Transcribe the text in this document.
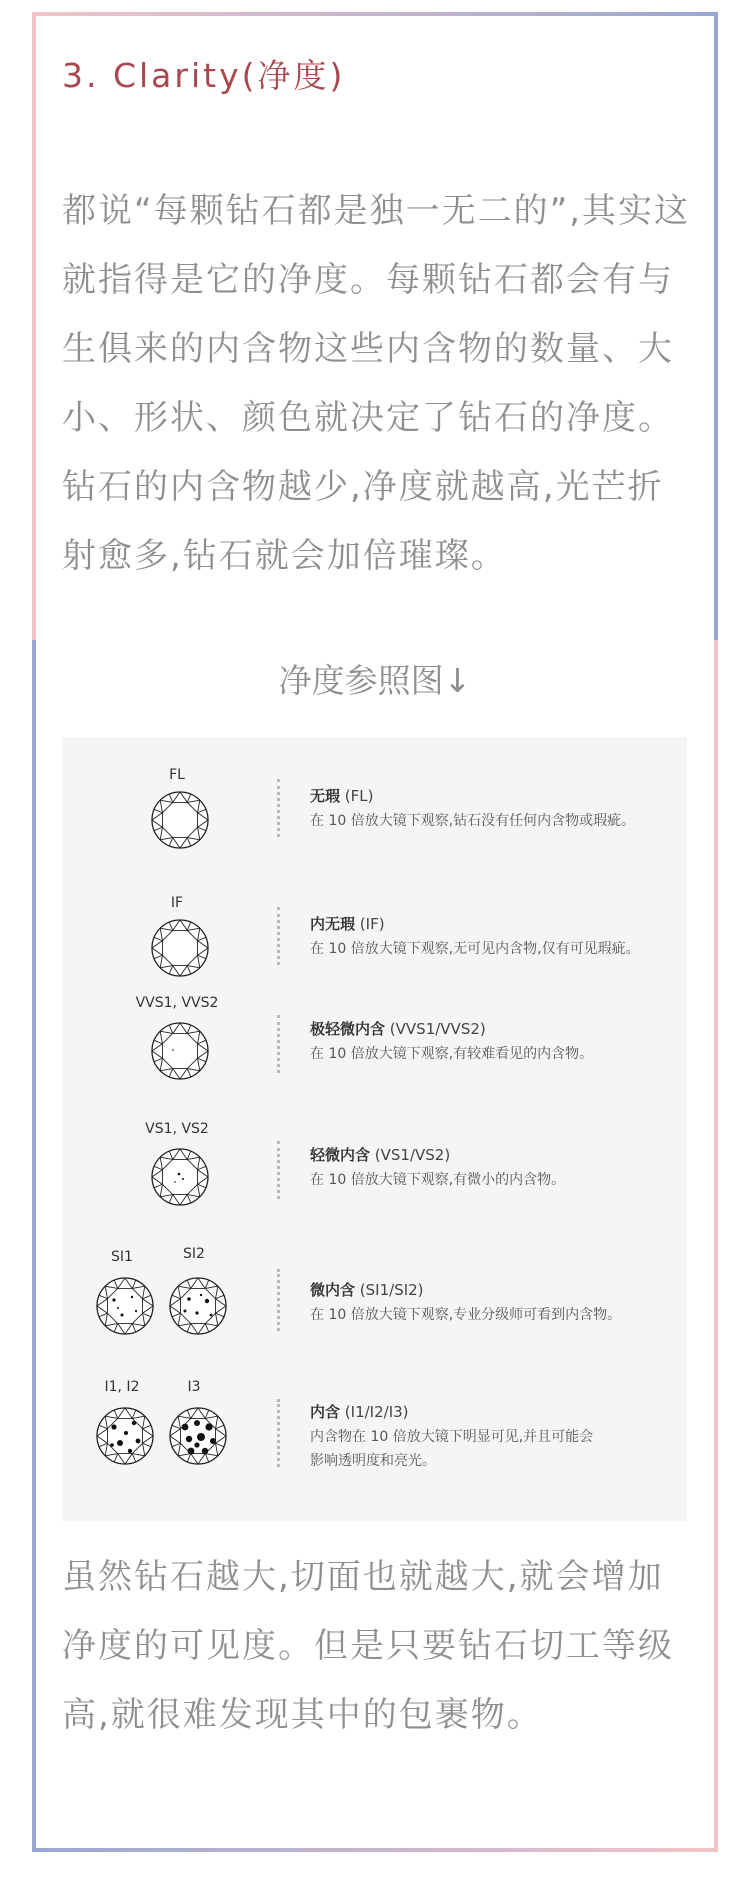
3. Clarity(净度)

都说“每颗钻石都是独一无二的”,其实这就指得是它的净度。每颗钻石都会有与生俱来的内含物这些内含物的数量、大小、形状、颜色就决定了钻石的净度。钻石的内含物越少,净度就越高,光芒折射愈多,钻石就会加倍璀璨。

净度参照图↓
FL
无瑕 (FL)
在 10 倍放大镜下观察,钻石没有任何内含物或瑕疵。
IF
内无瑕 (IF)
在 10 倍放大镜下观察,无可见内含物,仅有可见瑕疵。
VVS1, VVS2
极轻微内含 (VVS1/VVS2)
在 10 倍放大镜下观察,有较难看见的内含物。
VS1, VS2
轻微内含 (VS1/VS2)
在 10 倍放大镜下观察,有微小的内含物。
SI1	SI2
微内含 (SI1/SI2)
在 10 倍放大镜下观察,专业分级师可看到内含物。
I1, I2	I3
内含 (I1/I2/I3)
内含物在 10 倍放大镜下明显可见,并且可能会
影响透明度和亮光。

虽然钻石越大,切面也就越大,就会增加净度的可见度。但是只要钻石切工等级高,就很难发现其中的包裹物。
